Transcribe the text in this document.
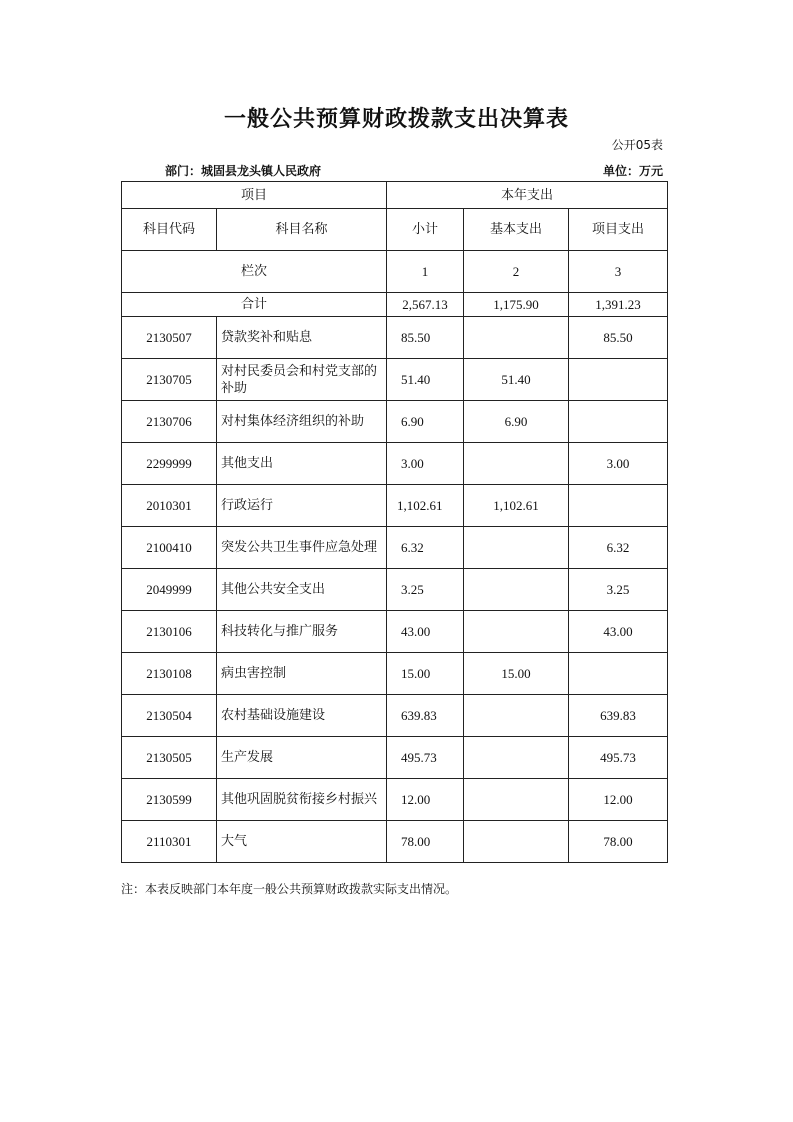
一般公共预算财政拨款支出决算表
公开05表
部门：城固县龙头镇人民政府	单位：万元
项目		本年支出		
科目代码	科目名称	小计	基本支出	项目支出
栏次		1	2	3
合计		2,567.13	1,175.90	1,391.23
2130507	贷款奖补和贴息	85.50		85.50
2130705	对村民委员会和村党支部的补助	51.40	51.40	
2130706	对村集体经济组织的补助	6.90	6.90	
2299999	其他支出	3.00		3.00
2010301	行政运行	1,102.61	1,102.61	
2100410	突发公共卫生事件应急处理	6.32		6.32
2049999	其他公共安全支出	3.25		3.25
2130106	科技转化与推广服务	43.00		43.00
2130108	病虫害控制	15.00	15.00	
2130504	农村基础设施建设	639.83		639.83
2130505	生产发展	495.73		495.73
2130599	其他巩固脱贫衔接乡村振兴	12.00		12.00
2110301	大气	78.00		78.00
注：本表反映部门本年度一般公共预算财政拨款实际支出情况。
